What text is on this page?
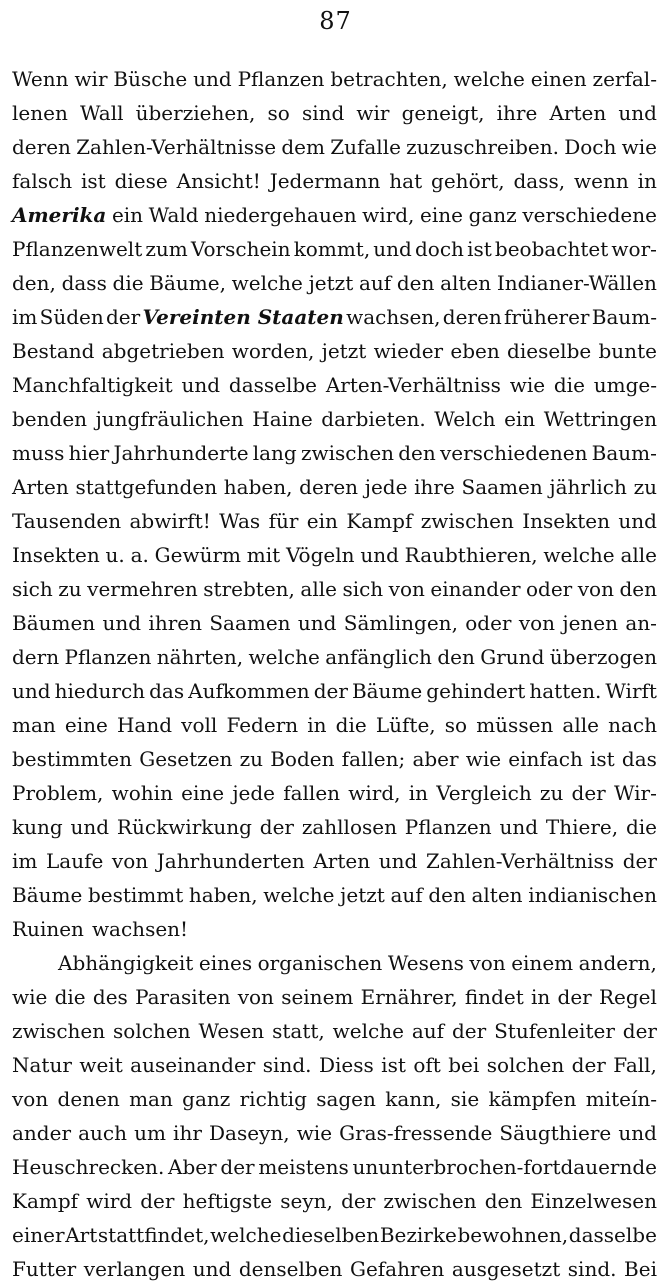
87
Wenn wir Büsche und Pflanzen betrachten, welche einen zerfal-
lenen Wall überziehen, so sind wir geneigt, ihre Arten und
deren Zahlen-Verhältnisse dem Zufalle zuzuschreiben. Doch wie
falsch ist diese Ansicht! Jedermann hat gehört, dass, wenn in
Amerika ein Wald niedergehauen wird, eine ganz verschiedene
Pflanzenwelt zum Vorschein kommt, und doch ist beobachtet wor-
den, dass die Bäume, welche jetzt auf den alten Indianer-Wällen
im Süden der Vereinten Staaten wachsen, deren früherer Baum-
Bestand abgetrieben worden, jetzt wieder eben dieselbe bunte
Manchfaltigkeit und dasselbe Arten-Verhältniss wie die umge-
benden jungfräulichen Haine darbieten. Welch ein Wettringen
muss hier Jahrhunderte lang zwischen den verschiedenen Baum-
Arten stattgefunden haben, deren jede ihre Saamen jährlich zu
Tausenden abwirft! Was für ein Kampf zwischen Insekten und
Insekten u. a. Gewürm mit Vögeln und Raubthieren, welche alle
sich zu vermehren strebten, alle sich von einander oder von den
Bäumen und ihren Saamen und Sämlingen, oder von jenen an-
dern Pflanzen nährten, welche anfänglich den Grund überzogen
und hiedurch das Aufkommen der Bäume gehindert hatten. Wirft
man eine Hand voll Federn in die Lüfte, so müssen alle nach
bestimmten Gesetzen zu Boden fallen; aber wie einfach ist das
Problem, wohin eine jede fallen wird, in Vergleich zu der Wir-
kung und Rückwirkung der zahllosen Pflanzen und Thiere, die
im Laufe von Jahrhunderten Arten und Zahlen-Verhältniss der
Bäume bestimmt haben, welche jetzt auf den alten indianischen
Ruinen wachsen!
Abhängigkeit eines organischen Wesens von einem andern,
wie die des Parasiten von seinem Ernährer, findet in der Regel
zwischen solchen Wesen statt, welche auf der Stufenleiter der
Natur weit auseinander sind. Diess ist oft bei solchen der Fall,
von denen man ganz richtig sagen kann, sie kämpfen miteín-
ander auch um ihr Daseyn, wie Gras-fressende Säugthiere und
Heuschrecken. Aber der meistens ununterbrochen-fortdauernde
Kampf wird der heftigste seyn, der zwischen den Einzelwesen
einer Art stattfindet, welche dieselben Bezirke bewohnen, dasselbe
Futter verlangen und denselben Gefahren ausgesetzt sind. Bei
